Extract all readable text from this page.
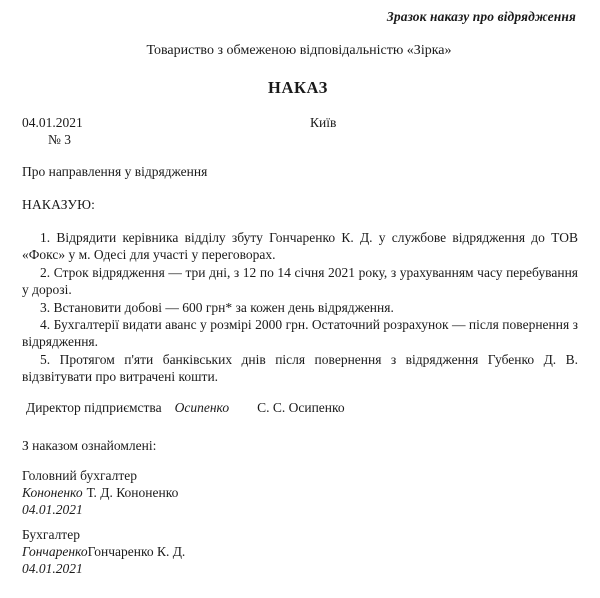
Зразок наказу про відрядження
Товариство з обмеженою відповідальністю «Зірка»
НАКАЗ
04.01.2021	Київ
№ 3
Про направлення у відрядження
НАКАЗУЮ:

1. Відрядити керівника відділу збуту Гончаренко К. Д. у службове відрядження до ТОВ «Фокс» у м. Одесі для участі у переговорах.

2. Строк відрядження — три дні, з 12 по 14 січня 2021 року, з урахуванням часу перебування у дорозі.

3. Встановити добові — 600 грн* за кожен день відрядження.

4. Бухгалтерії видати аванс у розмірі 2000 грн. Остаточний розрахунок — після повернення з відрядження.

5. Протягом п'яти банківських днів після повернення з відрядження Губенко Д. В. відзвітувати про витрачені кошти.

Директор підприємства Осипенко С. С. Осипенко
З наказом ознайомлені:
Головний бухгалтер
Кононенко Т. Д. Кононенко
04.01.2021
Бухгалтер
ГончаренкоГончаренко К. Д.
04.01.2021
